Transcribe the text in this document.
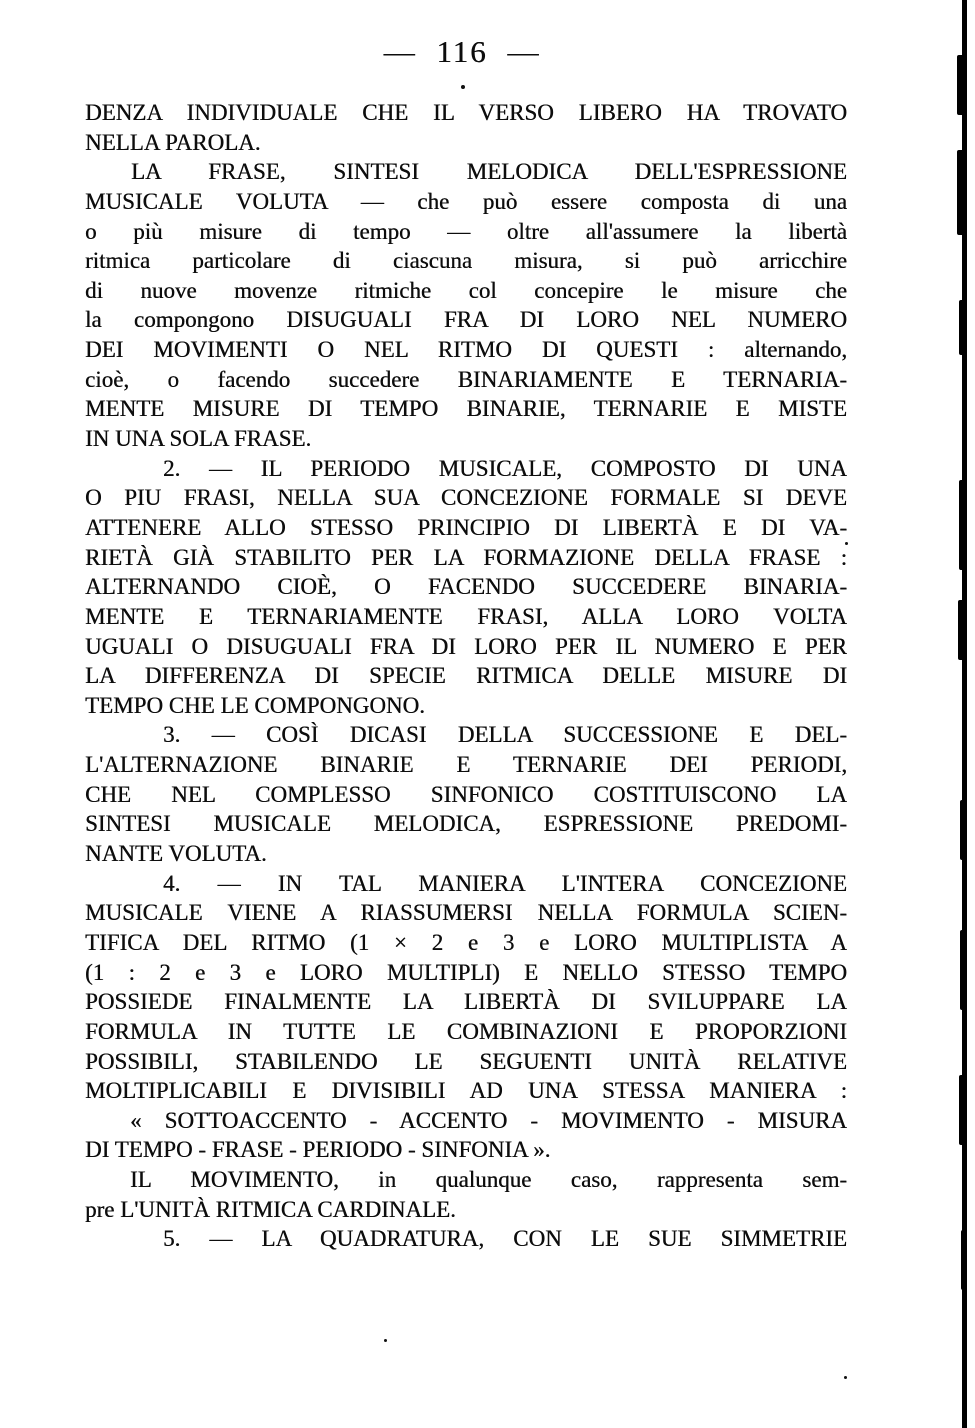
— 116 —
DENZA INDIVIDUALE CHE IL VERSO LIBERO HA TROVATO
NELLA PAROLA.
LA FRASE, SINTESI MELODICA DELL'ESPRESSIONE
MUSICALE VOLUTA — che può essere composta di una
o più misure di tempo — oltre all'assumere la libertà
ritmica particolare di ciascuna misura, si può arricchire
di nuove movenze ritmiche col concepire le misure che
la compongono DISUGUALI FRA DI LORO NEL NUMERO
DEI MOVIMENTI O NEL RITMO DI QUESTI : alternando,
cioè, o facendo succedere BINARIAMENTE E TERNARIA-
MENTE MISURE DI TEMPO BINARIE, TERNARIE E MISTE
IN UNA SOLA FRASE.
2. — IL PERIODO MUSICALE, COMPOSTO DI UNA
O PIU FRASI, NELLA SUA CONCEZIONE FORMALE SI DEVE
ATTENERE ALLO STESSO PRINCIPIO DI LIBERTÀ E DI VA-
RIETÀ GIÀ STABILITO PER LA FORMAZIONE DELLA FRASE :
ALTERNANDO CIOÈ, O FACENDO SUCCEDERE BINARIA-
MENTE E TERNARIAMENTE FRASI, ALLA LORO VOLTA
UGUALI O DISUGUALI FRA DI LORO PER IL NUMERO E PER
LA DIFFERENZA DI SPECIE RITMICA DELLE MISURE DI
TEMPO CHE LE COMPONGONO.
3. — COSÌ DICASI DELLA SUCCESSIONE E DEL-
L'ALTERNAZIONE BINARIE E TERNARIE DEI PERIODI,
CHE NEL COMPLESSO SINFONICO COSTITUISCONO LA
SINTESI MUSICALE MELODICA, ESPRESSIONE PREDOMI-
NANTE VOLUTA.
4. — IN TAL MANIERA L'INTERA CONCEZIONE
MUSICALE VIENE A RIASSUMERSI NELLA FORMULA SCIEN-
TIFICA DEL RITMO (1 × 2 e 3 e LORO MULTIPLISTA A
(1 : 2 e 3 e LORO MULTIPLI) E NELLO STESSO TEMPO
POSSIEDE FINALMENTE LA LIBERTÀ DI SVILUPPARE LA
FORMULA IN TUTTE LE COMBINAZIONI E PROPORZIONI
POSSIBILI, STABILENDO LE SEGUENTI UNITÀ RELATIVE
MOLTIPLICABILI E DIVISIBILI AD UNA STESSA MANIERA :
« SOTTOACCENTO - ACCENTO - MOVIMENTO - MISURA
DI TEMPO - FRASE - PERIODO - SINFONIA ».
IL MOVIMENTO, in qualunque caso, rappresenta sem-
pre L'UNITÀ RITMICA CARDINALE.
5. — LA QUADRATURA, CON LE SUE SIMMETRIE
